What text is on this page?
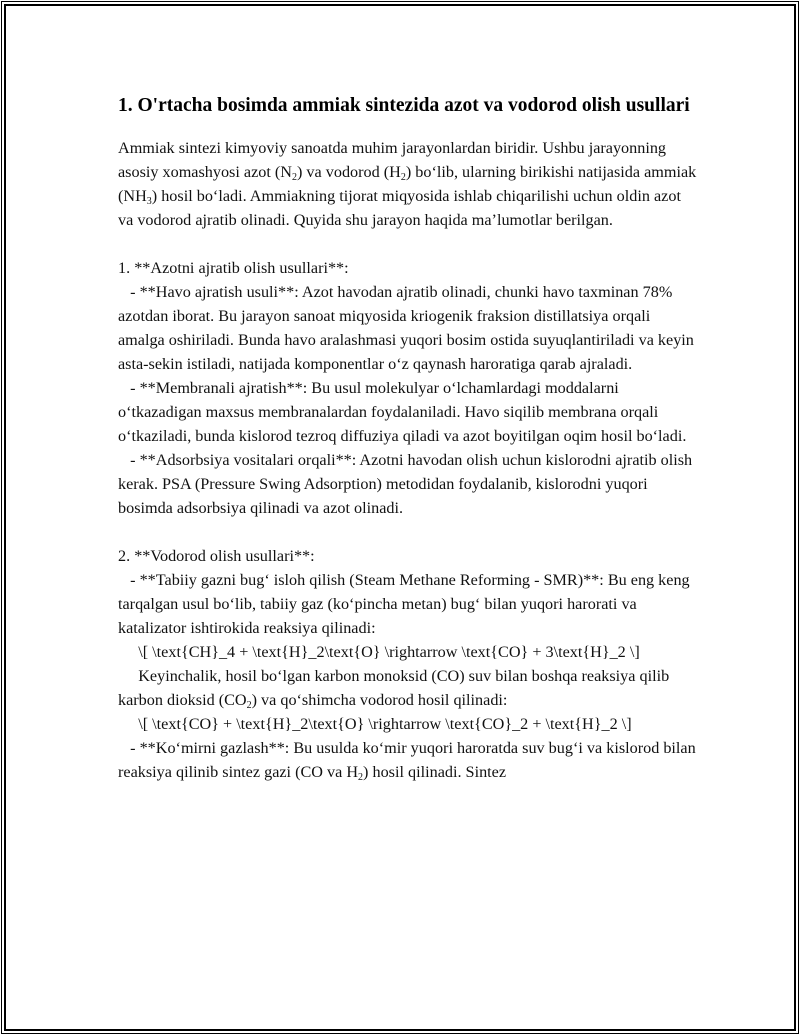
1. O'rtacha bosimda ammiak sintezida azot va vodorod olish usullari

Ammiak sintezi kimyoviy sanoatda muhim jarayonlardan biridir. Ushbu jarayonning asosiy xomashyosi azot $(N_2)$ va vodorod $(H_2)$ bo‘lib, ularning birikishi natijasida ammiak $(NH_3)$ hosil bo‘ladi. Ammiakning tijorat miqyosida ishlab chiqarilishi uchun oldin azot va vodorod ajratib olinadi. Quyida shu jarayon haqida ma’lumotlar berilgan.

1. **Azotni ajratib olish usullari**:

- **Havo ajratish usuli**: Azot havodan ajratib olinadi, chunki havo taxminan 78% azotdan iborat. Bu jarayon sanoat miqyosida kriogenik fraksion distillatsiya orqali amalga oshiriladi. Bunda havo aralashmasi yuqori bosim ostida suyuqlantiriladi va keyin asta-sekin istiladi, natijada komponentlar o‘z qaynash haroratiga qarab ajraladi.

- **Membranali ajratish**: Bu usul molekulyar o‘lchamlardagi moddalarni o‘tkazadigan maxsus membranalardan foydalaniladi. Havo siqilib membrana orqali o‘tkaziladi, bunda kislorod tezroq diffuziya qiladi va azot boyitilgan oqim hosil bo‘ladi.

- **Adsorbsiya vositalari orqali**: Azotni havodan olish uchun kislorodni ajratib olish kerak. PSA (Pressure Swing Adsorption) metodidan foydalanib, kislorodni yuqori bosimda adsorbsiya qilinadi va azot olinadi.

2. **Vodorod olish usullari**:

- **Tabiiy gazni bug‘ isloh qilish (Steam Methane Reforming - SMR)**: Bu eng keng tarqalgan usul bo‘lib, tabiiy gaz (ko‘pincha metan) bug‘ bilan yuqori harorati va katalizator ishtirokida reaksiya qilinadi:

\[ \text{CH}_4 + \text{H}_2\text{O} \rightarrow \text{CO} + 3\text{H}_2 \]

Keyinchalik, hosil bo‘lgan karbon monoksid (CO) suv bilan boshqa reaksiya qilib karbon dioksid $(CO_2)$ va qo‘shimcha vodorod hosil qilinadi:

\[ \text{CO} + \text{H}_2\text{O} \rightarrow \text{CO}_2 + \text{H}_2 \]

- **Ko‘mirni gazlash**: Bu usulda ko‘mir yuqori haroratda suv bug‘i va kislorod bilan reaksiya qilinib sintez gazi (CO va $H_2$) hosil qilinadi. Sintez
